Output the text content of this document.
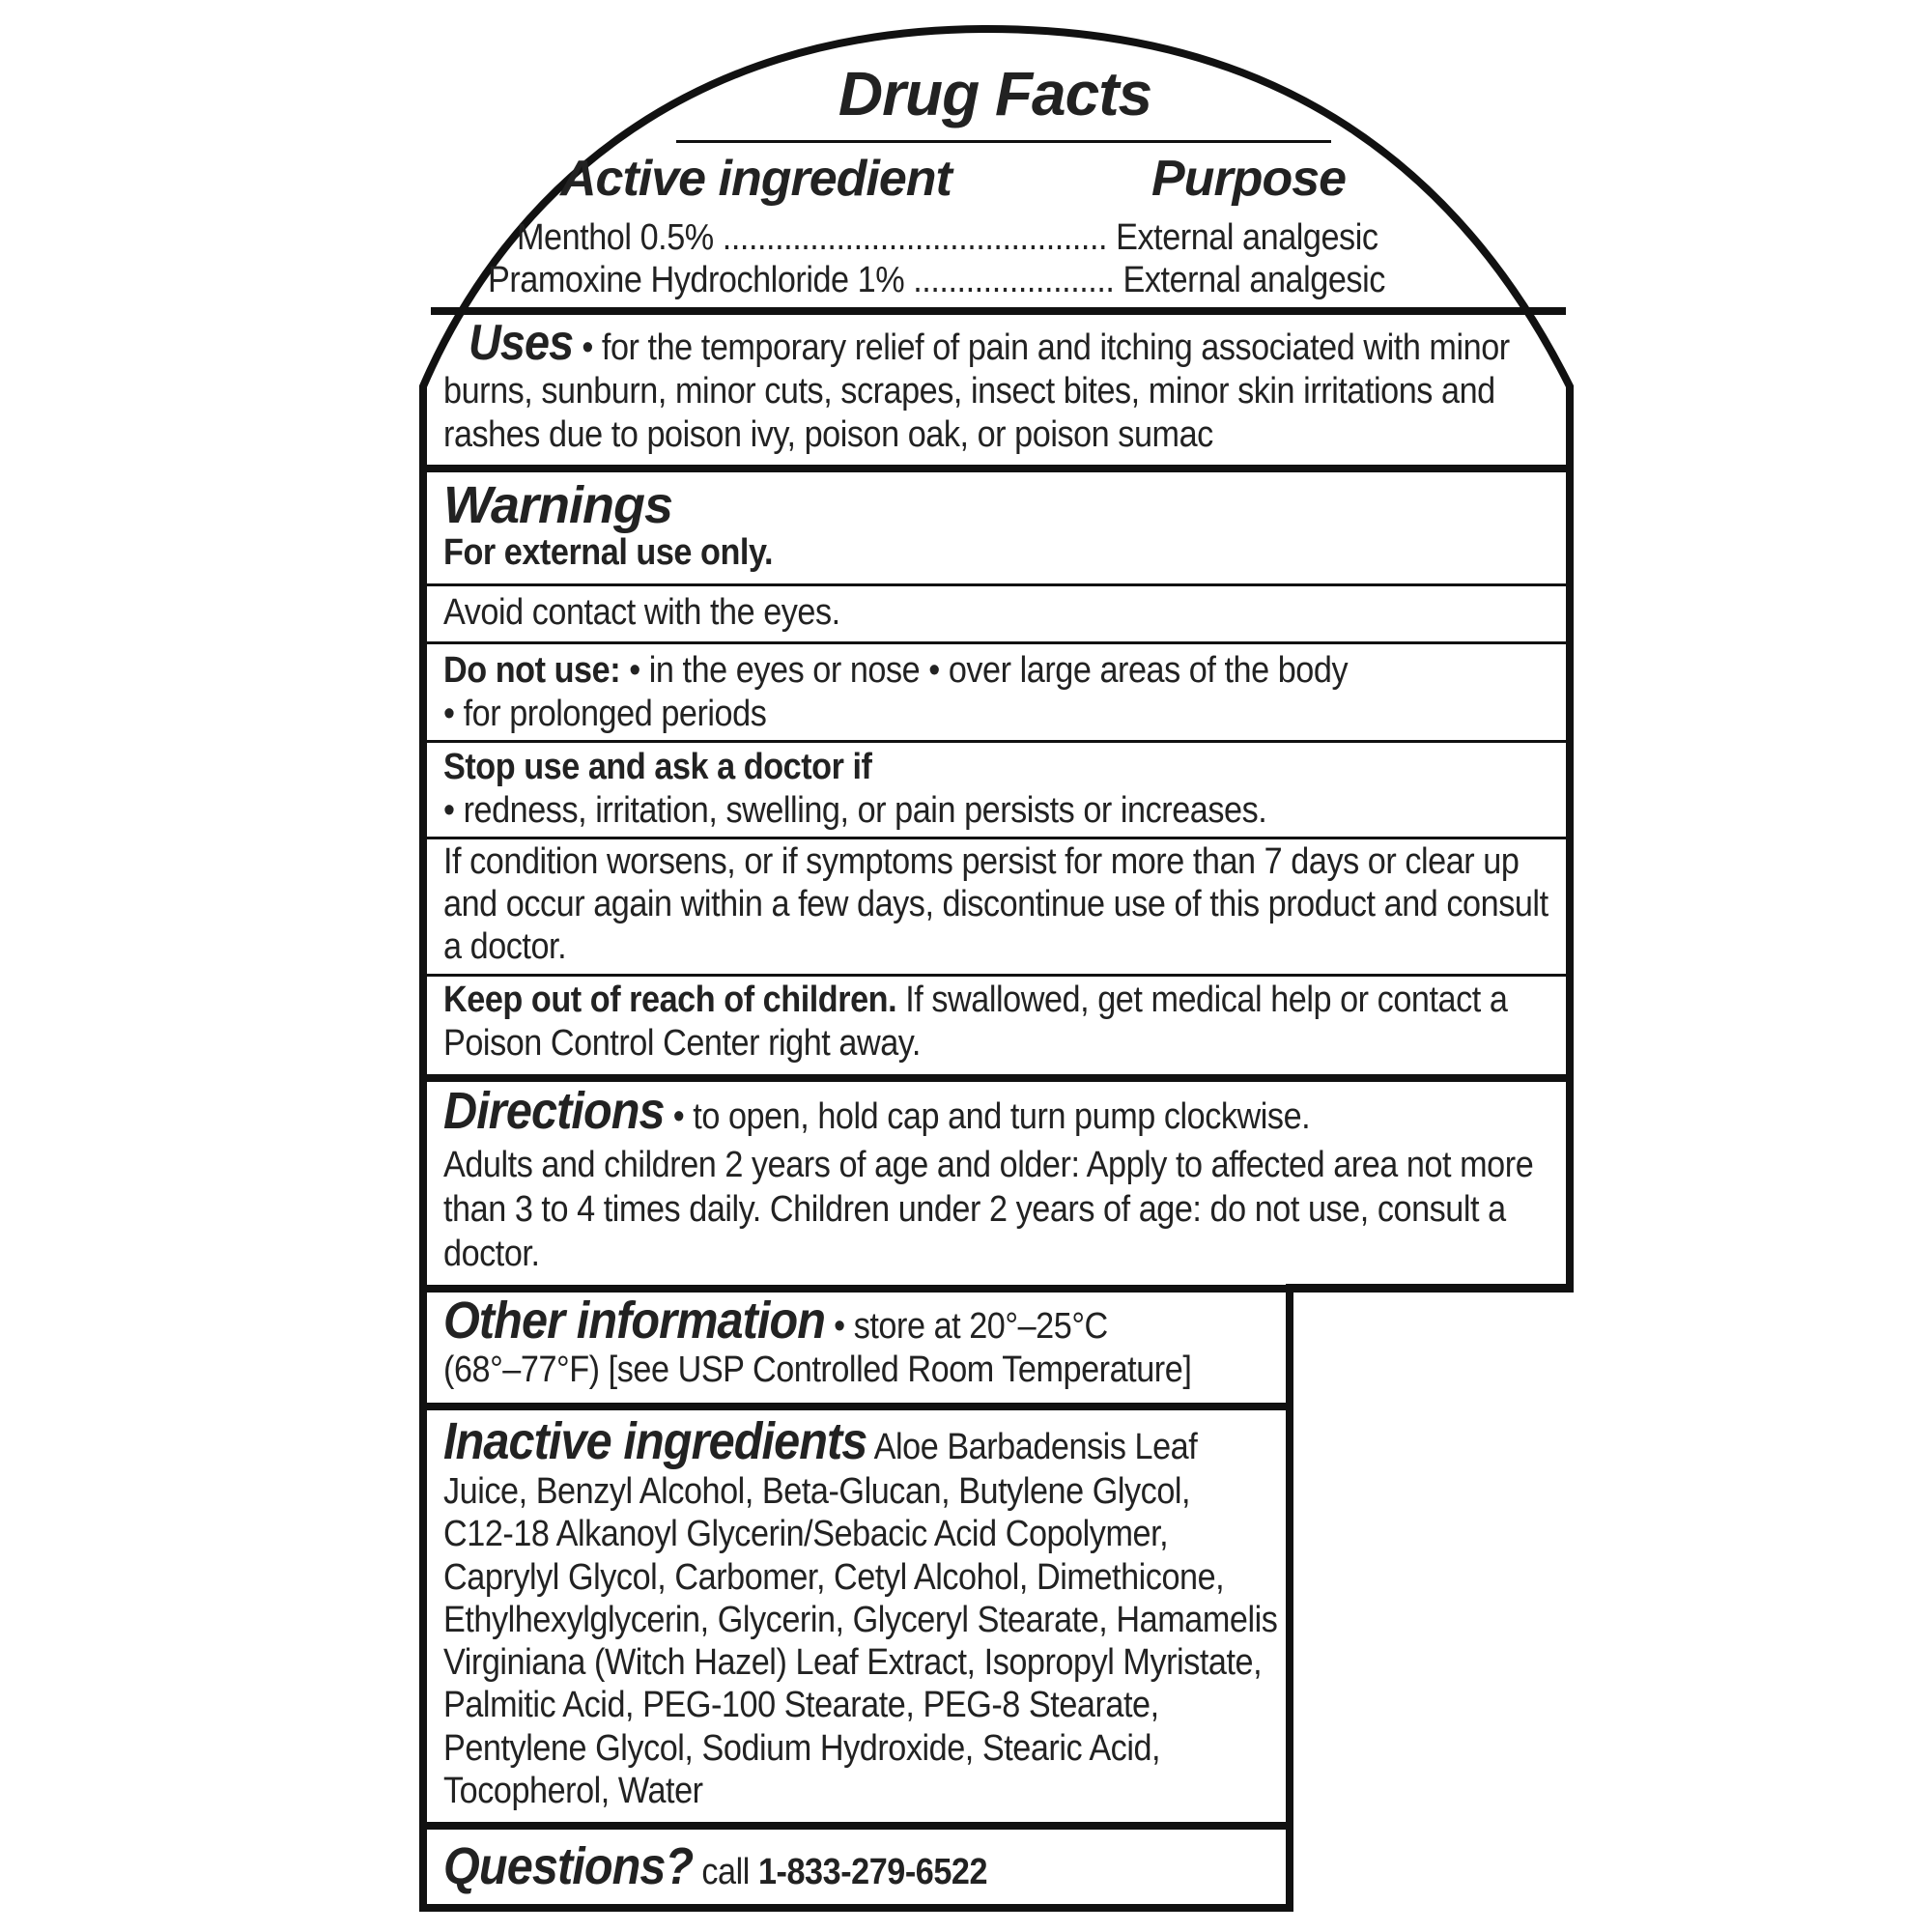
Drug Facts
Active ingredient	Purpose
Menthol 0.5% ............................................ External analgesic
Pramoxine Hydrochloride 1% ....................... External analgesic
Uses • for the temporary relief of pain and itching associated with minor
burns, sunburn, minor cuts, scrapes, insect bites, minor skin irritations and
rashes due to poison ivy, poison oak, or poison sumac
Warnings
For external use only.
Avoid contact with the eyes.
Do not use: • in the eyes or nose • over large areas of the body
• for prolonged periods
Stop use and ask a doctor if
• redness, irritation, swelling, or pain persists or increases.
If condition worsens, or if symptoms persist for more than 7 days or clear up
and occur again within a few days, discontinue use of this product and consult
a doctor.
Keep out of reach of children. If swallowed, get medical help or contact a
Poison Control Center right away.
Directions • to open, hold cap and turn pump clockwise.
Adults and children 2 years of age and older: Apply to affected area not more
than 3 to 4 times daily. Children under 2 years of age: do not use, consult a
doctor.
Other information • store at 20°–25°C
(68°–77°F) [see USP Controlled Room Temperature]
Inactive ingredients Aloe Barbadensis Leaf
Juice, Benzyl Alcohol, Beta-Glucan, Butylene Glycol,
C12-18 Alkanoyl Glycerin/Sebacic Acid Copolymer,
Caprylyl Glycol, Carbomer, Cetyl Alcohol, Dimethicone,
Ethylhexylglycerin, Glycerin, Glyceryl Stearate, Hamamelis
Virginiana (Witch Hazel) Leaf Extract, Isopropyl Myristate,
Palmitic Acid, PEG-100 Stearate, PEG-8 Stearate,
Pentylene Glycol, Sodium Hydroxide, Stearic Acid,
Tocopherol, Water
Questions? call 1-833-279-6522
